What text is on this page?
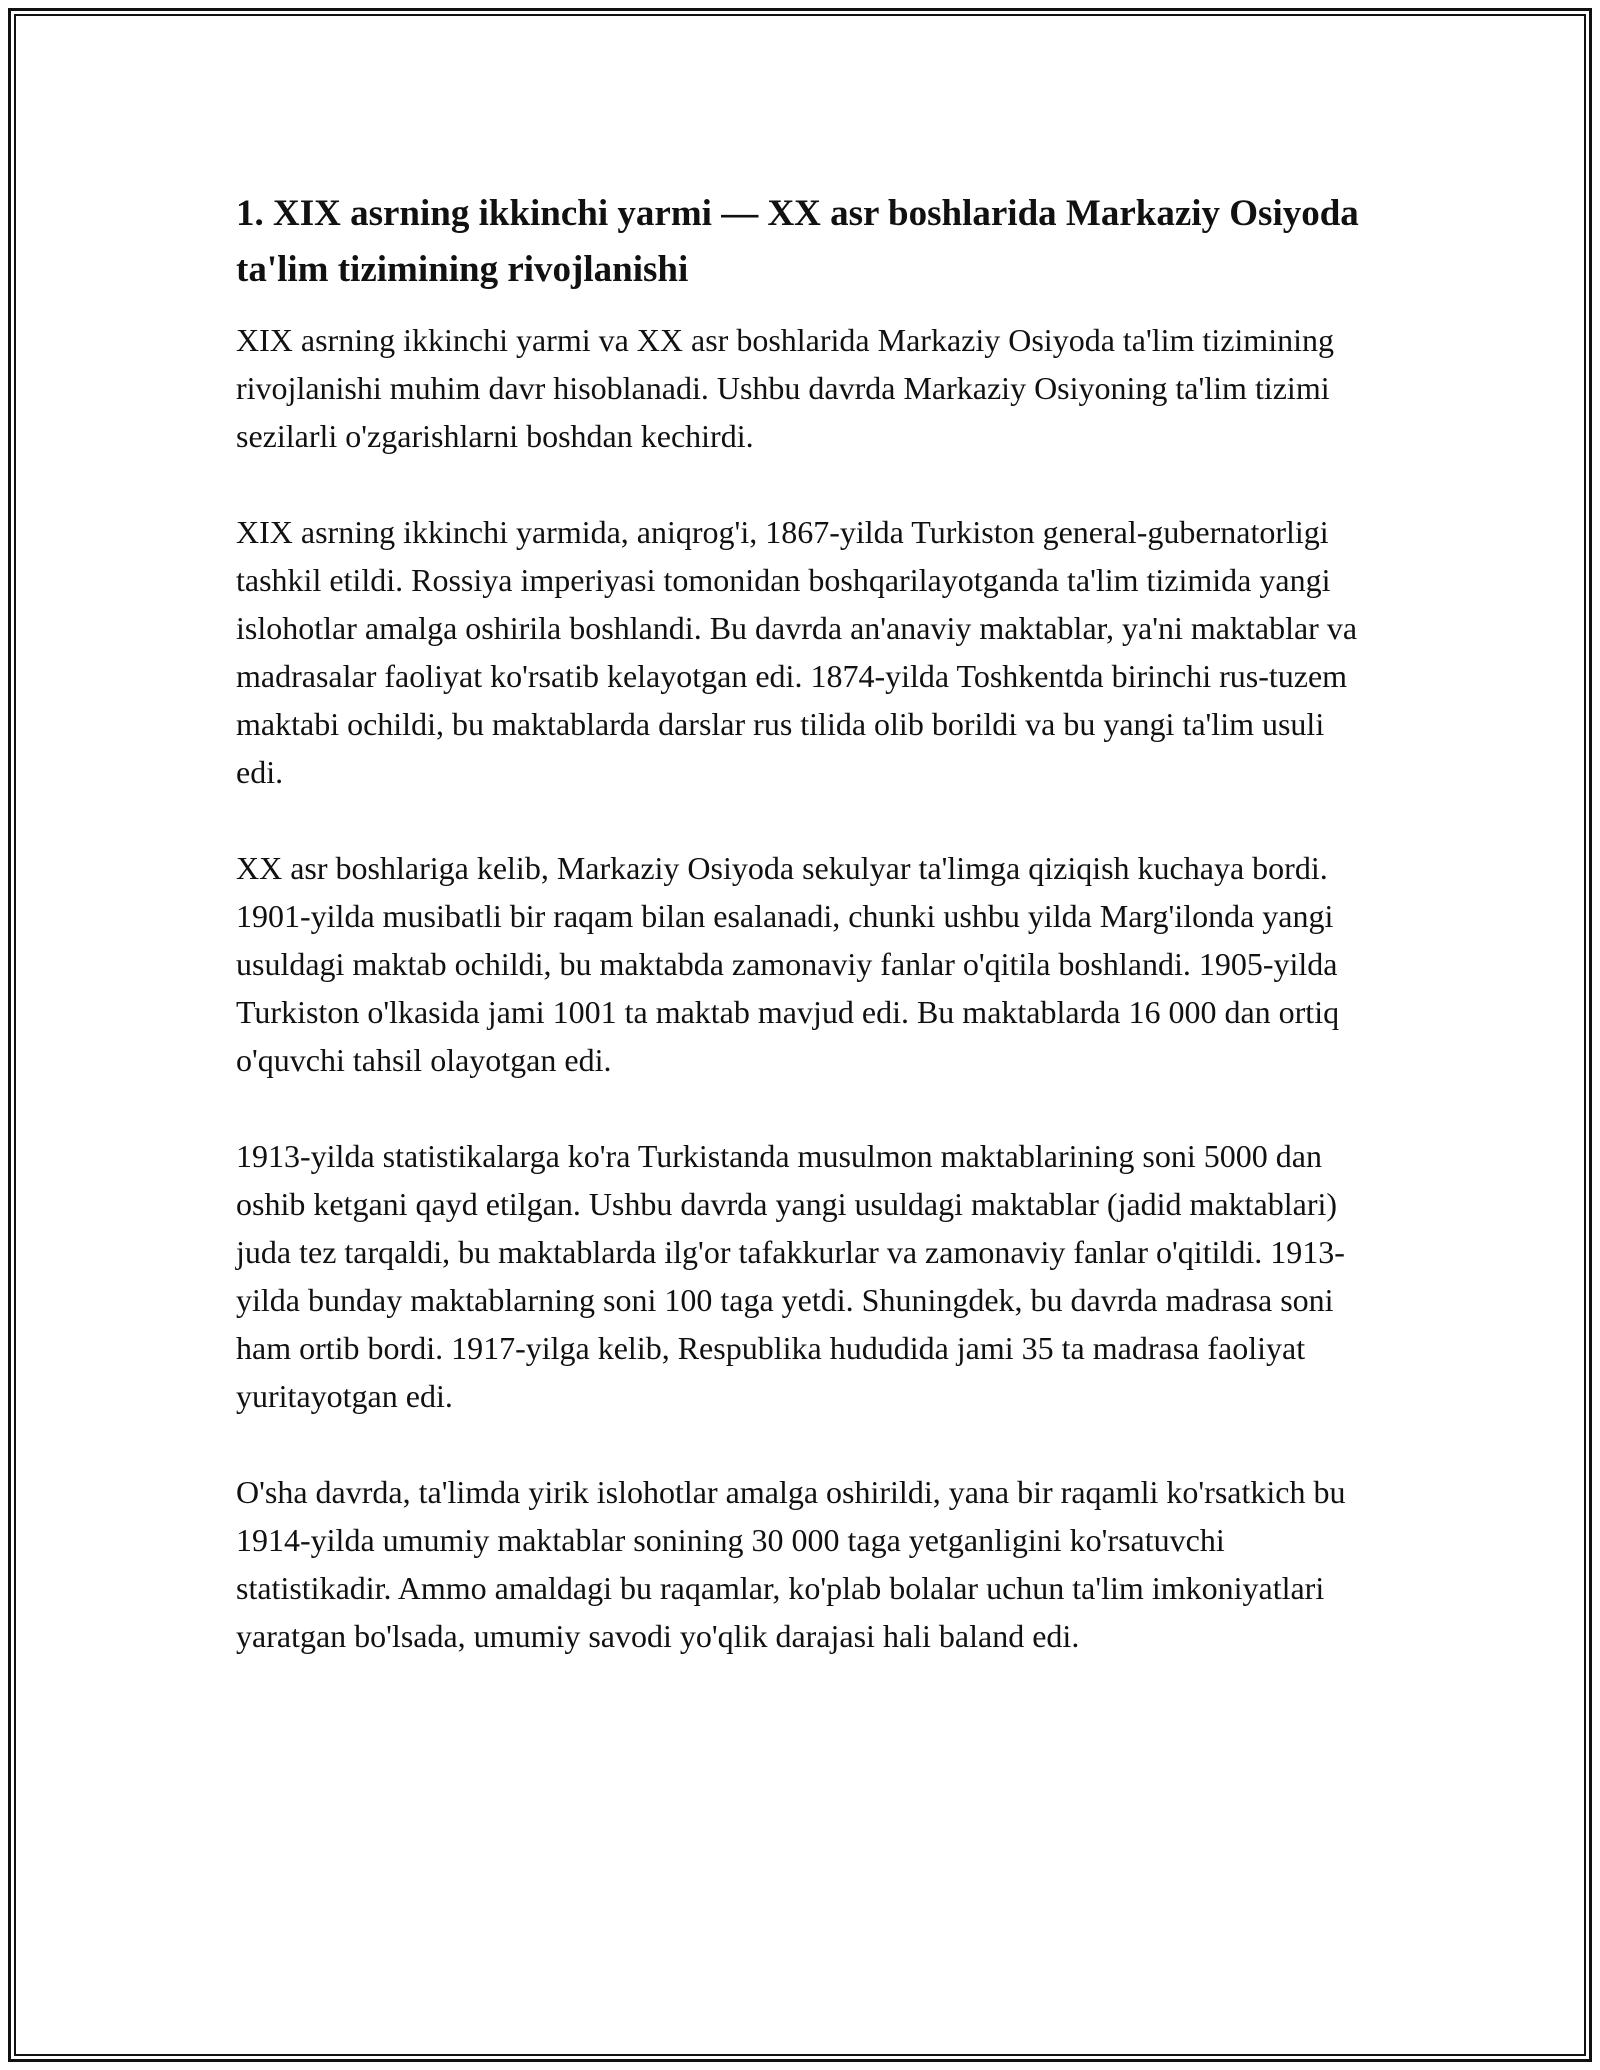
1. XIX asrning ikkinchi yarmi — XX asr boshlarida Markaziy Osiyoda ta'lim tizimining rivojlanishi

XIX asrning ikkinchi yarmi va XX asr boshlarida Markaziy Osiyoda ta'lim tizimining rivojlanishi muhim davr hisoblanadi. Ushbu davrda Markaziy Osiyoning ta'lim tizimi sezilarli o'zgarishlarni boshdan kechirdi.

XIX asrning ikkinchi yarmida, aniqrog'i, 1867-yilda Turkiston general-gubernatorligi tashkil etildi. Rossiya imperiyasi tomonidan boshqarilayotganda ta'lim tizimida yangi islohotlar amalga oshirila boshlandi. Bu davrda an'anaviy maktablar, ya'ni maktablar va madrasalar faoliyat ko'rsatib kelayotgan edi. 1874-yilda Toshkentda birinchi rus-tuzem maktabi ochildi, bu maktablarda darslar rus tilida olib borildi va bu yangi ta'lim usuli edi.

XX asr boshlariga kelib, Markaziy Osiyoda sekulyar ta'limga qiziqish kuchaya bordi. 1901-yilda musibatli bir raqam bilan esalanadi, chunki ushbu yilda Marg'ilonda yangi usuldagi maktab ochildi, bu maktabda zamonaviy fanlar o'qitila boshlandi. 1905-yilda Turkiston o'lkasida jami 1001 ta maktab mavjud edi. Bu maktablarda 16 000 dan ortiq o'quvchi tahsil olayotgan edi.

1913-yilda statistikalarga ko'ra Turkistanda musulmon maktablarining soni 5000 dan oshib ketgani qayd etilgan. Ushbu davrda yangi usuldagi maktablar (jadid maktablari) juda tez tarqaldi, bu maktablarda ilg'or tafakkurlar va zamonaviy fanlar o'qitildi. 1913-yilda bunday maktablarning soni 100 taga yetdi. Shuningdek, bu davrda madrasa soni ham ortib bordi. 1917-yilga kelib, Respublika hududida jami 35 ta madrasa faoliyat yuritayotgan edi.

O'sha davrda, ta'limda yirik islohotlar amalga oshirildi, yana bir raqamli ko'rsatkich bu 1914-yilda umumiy maktablar sonining 30 000 taga yetganligini ko'rsatuvchi statistikadir. Ammo amaldagi bu raqamlar, ko'plab bolalar uchun ta'lim imkoniyatlari yaratgan bo'lsada, umumiy savodi yo'qlik darajasi hali baland edi.
